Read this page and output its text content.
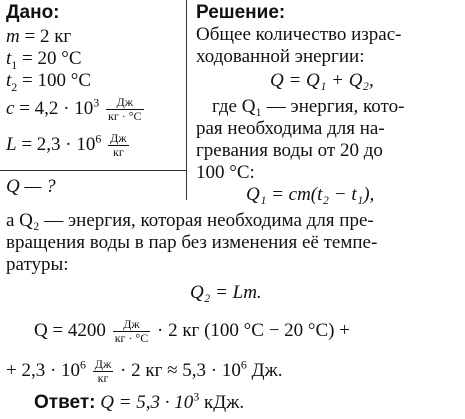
Дано:
m = 2 кг
$t_1 = 20$ °C
$t_2 = 100$ °C
$c = 4,2 \cdot 10^3 \frac{Дж}{кг \cdot ^\circ C}$
$L = 2,3 \cdot 10^6 \frac{Дж}{кг}$
Q — ?
Решение:
Общее количество израс-
ходованной энергии:
Q = Q₁ + Q₂,
где Q₁ — энергия, кото-
рая необходима для на-
гревания воды от 20 до
100 °C:
Q₁ = cm(t₂ − t₁),
а Q₂ — энергия, которая необходима для пре-
вращения воды в пар без изменения её темпе-
ратуры:
Q₂ = Lm.
$Q = 4200 \frac{Дж}{кг \cdot ^\circ C} \cdot 2$ кг (100 °C − 20 °C) +
+ $2,3 \cdot 10^6 \frac{Дж}{кг} \cdot 2$ кг ≈ $5,3 \cdot 10^6$ Дж.
Ответ: $Q = 5,3 \cdot 10^3$ кДж.
